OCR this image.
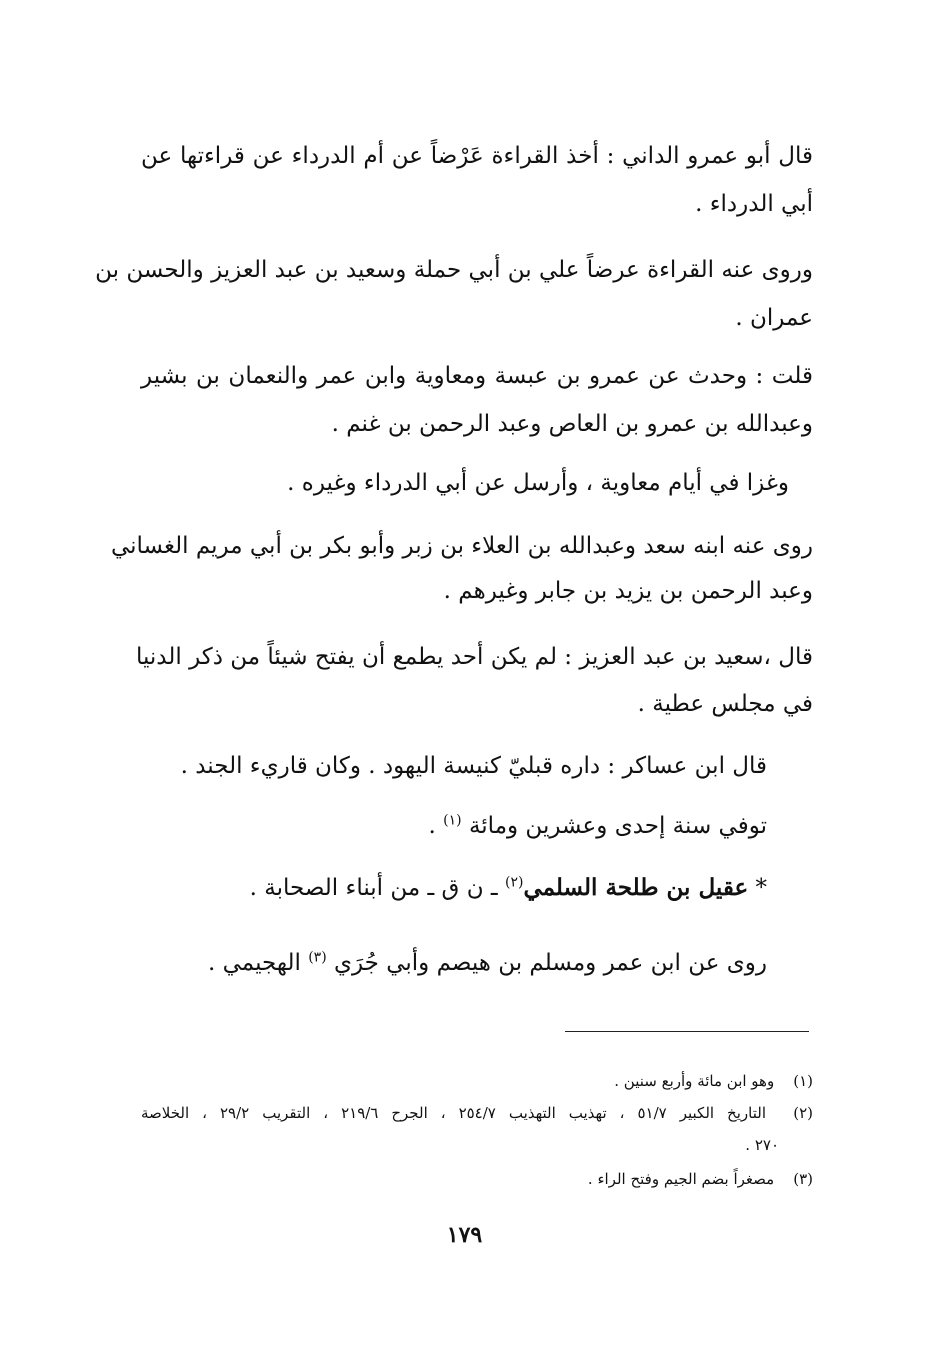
قال أبو عمرو الداني : أخذ القراءة عَرْضاً عن أم الدرداء عن قراءتها عن
أبي الدرداء .
وروى عنه القراءة عرضاً علي بن أبي حملة وسعيد بن عبد العزيز والحسن بن
عمران .
قلت : وحدث عن عمرو بن عبسة ومعاوية وابن عمر والنعمان بن بشير
وعبدالله بن عمرو بن العاص وعبد الرحمن بن غنم .
وغزا في أيام معاوية ، وأرسل عن أبي الدرداء وغيره .
روى عنه ابنه سعد وعبدالله بن العلاء بن زبر وأبو بكر بن أبي مريم الغساني
وعبد الرحمن بن يزيد بن جابر وغيرهم .
قال ،سعيد بن عبد العزيز : لم يكن أحد يطمع أن يفتح شيئاً من ذكر الدنيا
في مجلس عطية .
قال ابن عساكر : داره قبليّ كنيسة اليهود . وكان قاريء الجند .
توفي سنة إحدى وعشرين ومائة $^{(١)}$ .
* عقيل بن طلحة السلمي$^{(٢)}$ ـ ن ق ـ من أبناء الصحابة .
روى عن ابن عمر ومسلم بن هيصم وأبي جُرَي $^{(٣)}$ الهجيمي .
(١) وهو ابن مائة وأربع سنين .
(٢) التاريخ الكبير ٥١/٧ ، تهذيب التهذيب ٢٥٤/٧ ، الجرح ٢١٩/٦ ، التقريب ٢٩/٢ ، الخلاصة
٢٧٠ .
(٣) مصغراً بضم الجيم وفتح الراء .
١٧٩
